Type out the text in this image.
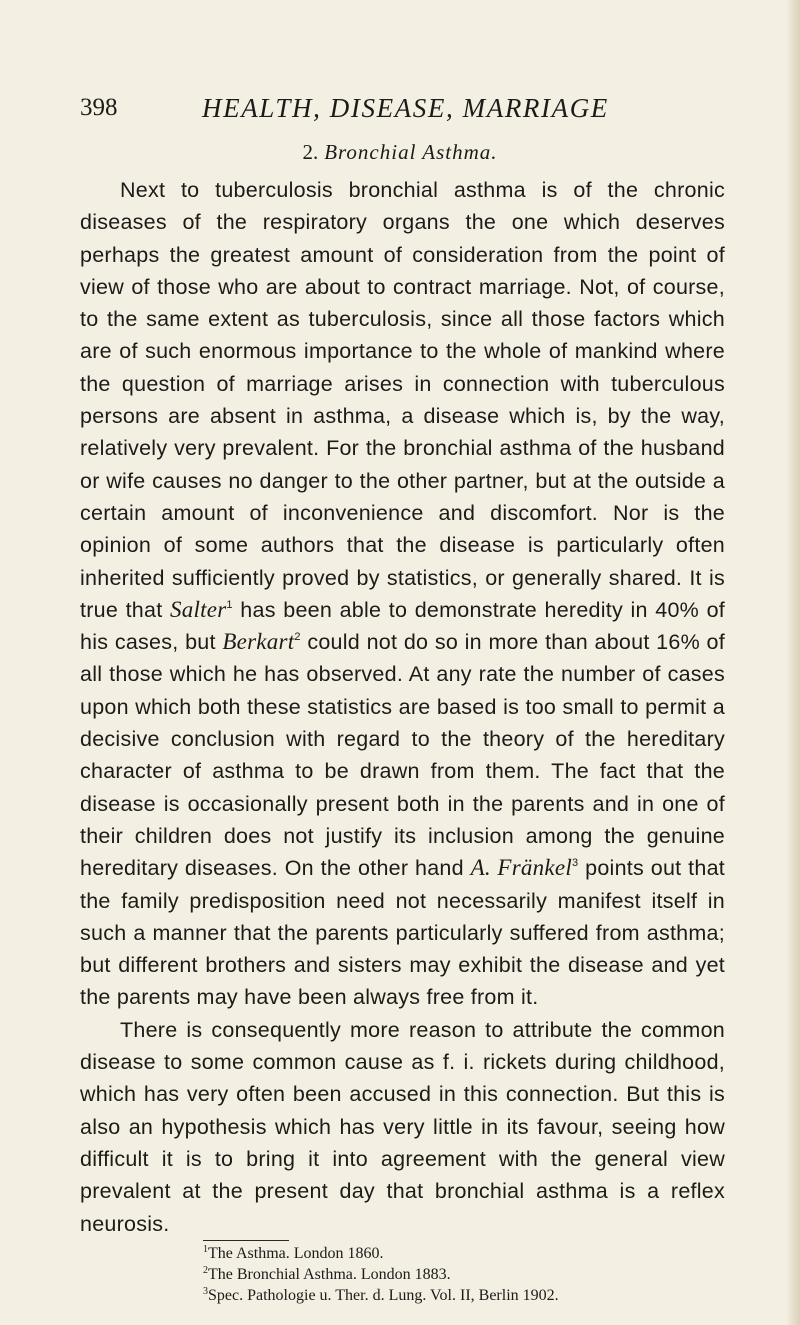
398	HEALTH, DISEASE, MARRIAGE
2. Bronchial Asthma.

Next to tuberculosis bronchial asthma is of the chronic diseases of the respiratory organs the one which deserves perhaps the greatest amount of consideration from the point of view of those who are about to contract marriage. Not, of course, to the same extent as tuberculosis, since all those factors which are of such enormous importance to the whole of mankind where the question of marriage arises in connection with tuberculous persons are absent in asthma, a disease which is, by the way, relatively very prevalent. For the bronchial asthma of the husband or wife causes no danger to the other partner, but at the outside a certain amount of inconvenience and discomfort. Nor is the opinion of some authors that the disease is particularly often inherited sufficiently proved by statistics, or generally shared. It is true that Salter$^1$ has been able to demonstrate heredity in 40% of his cases, but Berkart$^2$ could not do so in more than about 16% of all those which he has observed. At any rate the number of cases upon which both these statistics are based is too small to permit a decisive conclusion with regard to the theory of the hereditary character of asthma to be drawn from them. The fact that the disease is occasionally present both in the parents and in one of their children does not justify its inclusion among the genuine hereditary diseases. On the other hand A. Fränkel$^3$ points out that the family predisposition need not necessarily manifest itself in such a manner that the parents particularly suffered from asthma; but different brothers and sisters may exhibit the disease and yet the parents may have been always free from it.

There is consequently more reason to attribute the common disease to some common cause as f. i. rickets during childhood, which has very often been accused in this connection. But this is also an hypothesis which has very little in its favour, seeing how difficult it is to bring it into agreement with the general view prevalent at the present day that bronchial asthma is a reflex neurosis.

$^1$The Asthma. London 1860.
$^2$The Bronchial Asthma. London 1883.
$^3$Spec. Pathologie u. Ther. d. Lung. Vol. II, Berlin 1902.
